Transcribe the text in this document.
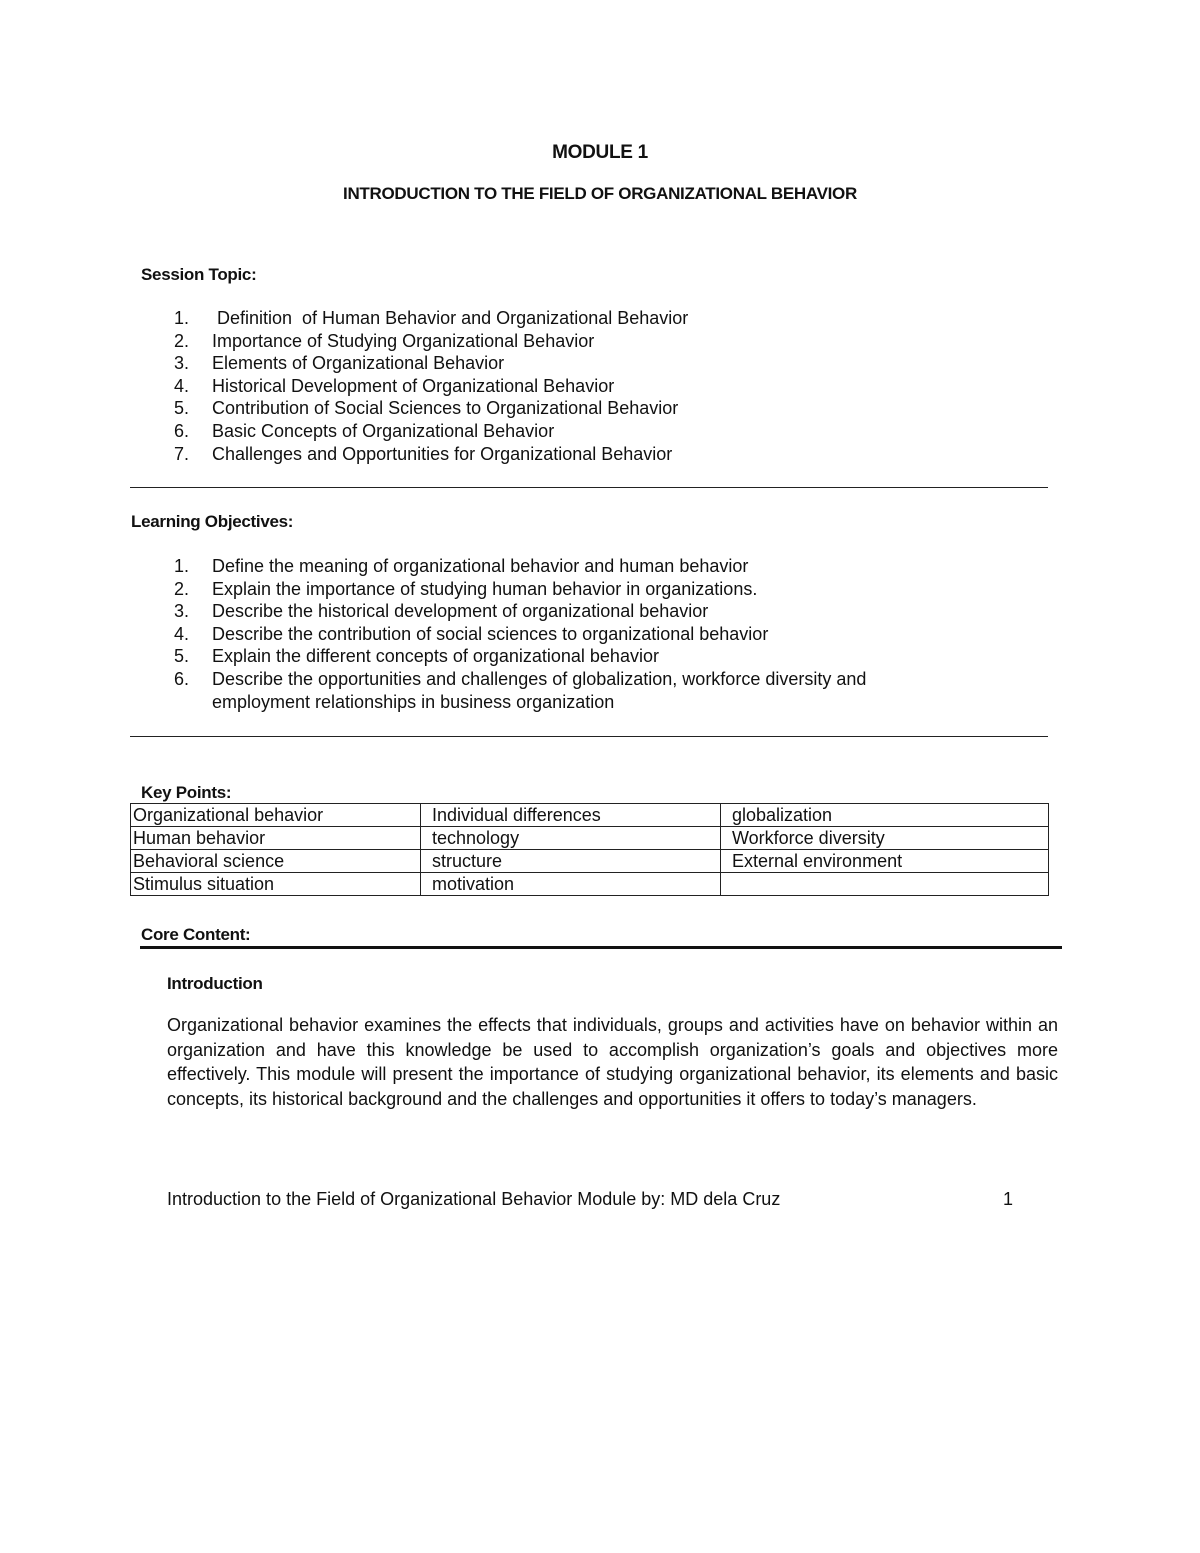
MODULE 1
INTRODUCTION TO THE FIELD OF ORGANIZATIONAL BEHAVIOR
Session Topic:
1. Definition  of Human Behavior and Organizational Behavior
2. Importance of Studying Organizational Behavior
3. Elements of Organizational Behavior
4. Historical Development of Organizational Behavior
5. Contribution of Social Sciences to Organizational Behavior
6. Basic Concepts of Organizational Behavior
7. Challenges and Opportunities for Organizational Behavior
Learning Objectives:
1. Define the meaning of organizational behavior and human behavior
2. Explain the importance of studying human behavior in organizations.
3. Describe the historical development of organizational behavior
4. Describe the contribution of social sciences to organizational behavior
5. Explain the different concepts of organizational behavior
6. Describe the opportunities and challenges of globalization, workforce diversity and employment relationships in business organization
Key Points:
Organizational behavior	Individual differences	globalization
Human behavior	technology	Workforce diversity
Behavioral science	structure	External environment
Stimulus situation	motivation	
Core Content:
Introduction

Organizational behavior examines the effects that individuals, groups and activities have on behavior within an organization and have this knowledge be used to accomplish organization’s goals and objectives more effectively. This module will present the importance of studying organizational behavior, its elements and basic concepts, its historical background and the challenges and opportunities it offers to today’s managers.

Introduction to the Field of Organizational Behavior Module by: MD dela Cruz	1
